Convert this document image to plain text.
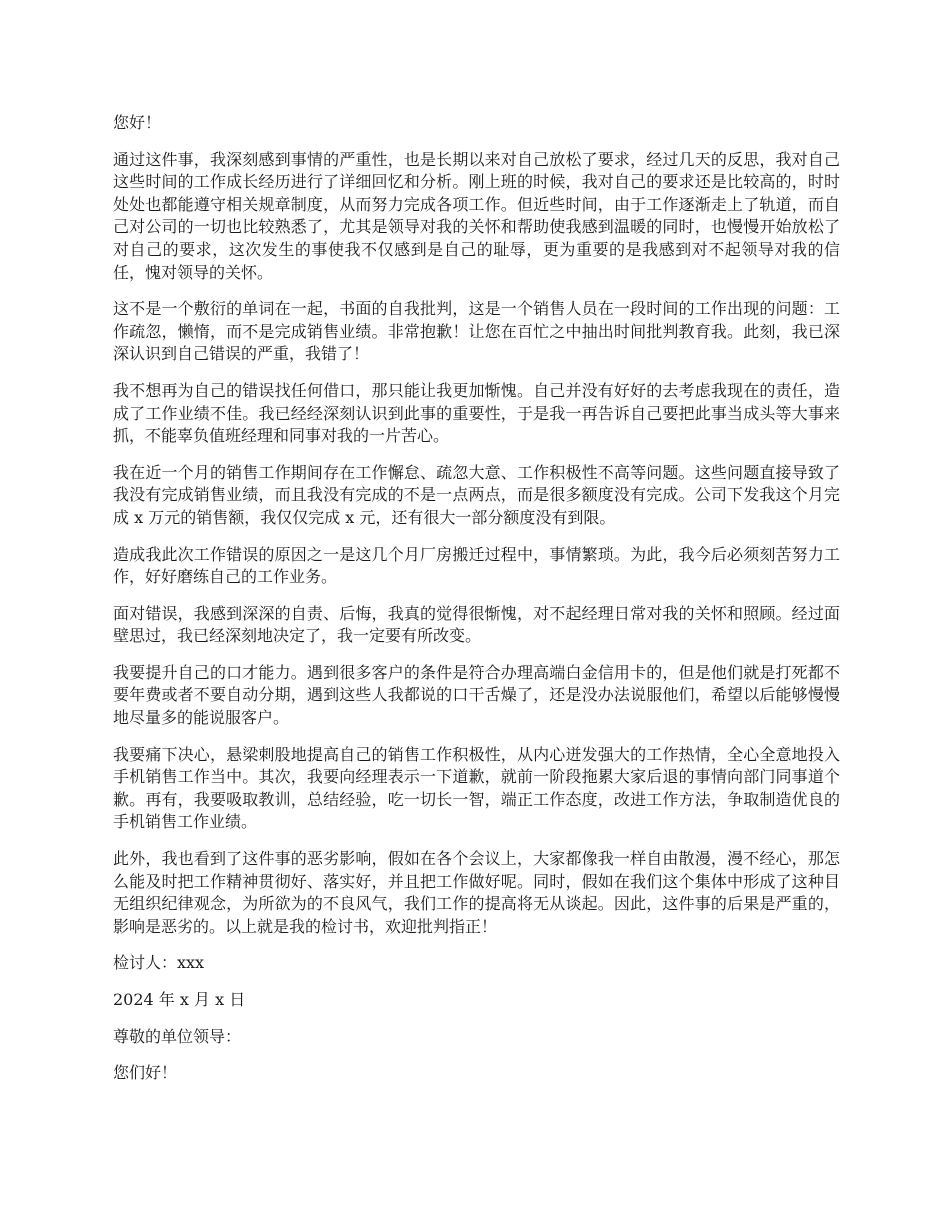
您好！

通过这件事，我深刻感到事情的严重性，也是长期以来对自己放松了要求，经过几天的反思，我对自己这些时间的工作成长经历进行了详细回忆和分析。刚上班的时候，我对自己的要求还是比较高的，时时处处也都能遵守相关规章制度，从而努力完成各项工作。但近些时间，由于工作逐渐走上了轨道，而自己对公司的一切也比较熟悉了，尤其是领导对我的关怀和帮助使我感到温暖的同时，也慢慢开始放松了对自己的要求，这次发生的事使我不仅感到是自己的耻辱，更为重要的是我感到对不起领导对我的信任，愧对领导的关怀。

这不是一个敷衍的单词在一起，书面的自我批判，这是一个销售人员在一段时间的工作出现的问题：工作疏忽，懒惰，而不是完成销售业绩。非常抱歉！让您在百忙之中抽出时间批判教育我。此刻，我已深深认识到自己错误的严重，我错了！

我不想再为自己的错误找任何借口，那只能让我更加惭愧。自己并没有好好的去考虑我现在的责任，造成了工作业绩不佳。我已经经深刻认识到此事的重要性，于是我一再告诉自己要把此事当成头等大事来抓，不能辜负值班经理和同事对我的一片苦心。

我在近一个月的销售工作期间存在工作懈怠、疏忽大意、工作积极性不高等问题。这些问题直接导致了我没有完成销售业绩，而且我没有完成的不是一点两点，而是很多额度没有完成。公司下发我这个月完成 x 万元的销售额，我仅仅完成 x 元，还有很大一部分额度没有到限。

造成我此次工作错误的原因之一是这几个月厂房搬迁过程中，事情繁琐。为此，我今后必须刻苦努力工作，好好磨练自己的工作业务。

面对错误，我感到深深的自责、后悔，我真的觉得很惭愧，对不起经理日常对我的关怀和照顾。经过面壁思过，我已经深刻地决定了，我一定要有所改变。

我要提升自己的口才能力。遇到很多客户的条件是符合办理高端白金信用卡的，但是他们就是打死都不要年费或者不要自动分期，遇到这些人我都说的口干舌燥了，还是没办法说服他们，希望以后能够慢慢地尽量多的能说服客户。

我要痛下决心，悬梁刺股地提高自己的销售工作积极性，从内心迸发强大的工作热情，全心全意地投入手机销售工作当中。其次，我要向经理表示一下道歉，就前一阶段拖累大家后退的事情向部门同事道个歉。再有，我要吸取教训，总结经验，吃一切长一智，端正工作态度，改进工作方法，争取制造优良的手机销售工作业绩。

此外，我也看到了这件事的恶劣影响，假如在各个会议上，大家都像我一样自由散漫，漫不经心，那怎么能及时把工作精神贯彻好、落实好，并且把工作做好呢。同时，假如在我们这个集体中形成了这种目无组织纪律观念，为所欲为的不良风气，我们工作的提高将无从谈起。因此，这件事的后果是严重的，影响是恶劣的。以上就是我的检讨书，欢迎批判指正！

检讨人：xxx

2024 年 x 月 x 日

尊敬的单位领导：

您们好！
